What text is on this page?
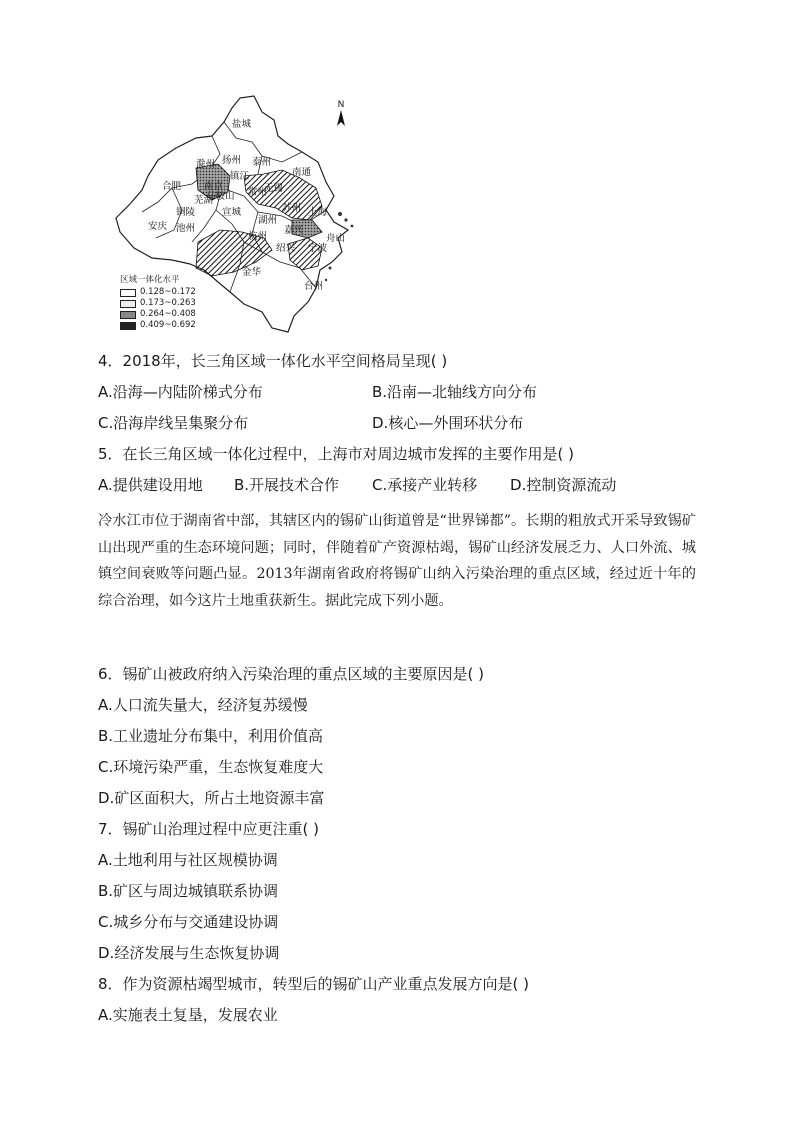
N
盐城
扬州 泰州
南通
滁州
镇江
常州
苏州
合肥 南京	无锡
上海
芜湖
马鞍山
铜陵	宣城
湖州
安庆 池州
杭州
嘉兴
绍兴 宁波
舟山
金华
台州
区域一体化水平
0.128~0.172
0.173~0.263
0.264~0.408
0.409~0.692
4．2018年，长三角区域一体化水平空间格局呈现( )
A.沿海—内陆阶梯式分布	B.沿南—北轴线方向分布
C.沿海岸线呈集聚分布	D.核心—外围环状分布
5．在长三角区域一体化过程中，上海市对周边城市发挥的主要作用是( )
A.提供建设用地 B.开展技术合作 C.承接产业转移 D.控制资源流动

冷水江市位于湖南省中部，其辖区内的锡矿山街道曾是“世界锑都”。长期的粗放式开采导致锡矿山出现严重的生态环境问题；同时，伴随着矿产资源枯竭，锡矿山经济发展乏力、人口外流、城镇空间衰败等问题凸显。2013年湖南省政府将锡矿山纳入污染治理的重点区域，经过近十年的综合治理，如今这片土地重获新生。据此完成下列小题。

6．锡矿山被政府纳入污染治理的重点区域的主要原因是( )
A.人口流失量大，经济复苏缓慢
B.工业遗址分布集中，利用价值高
C.环境污染严重，生态恢复难度大
D.矿区面积大，所占土地资源丰富
7．锡矿山治理过程中应更注重( )
A.土地利用与社区规模协调
B.矿区与周边城镇联系协调
C.城乡分布与交通建设协调
D.经济发展与生态恢复协调
8．作为资源枯竭型城市，转型后的锡矿山产业重点发展方向是( )
A.实施表土复垦，发展农业
